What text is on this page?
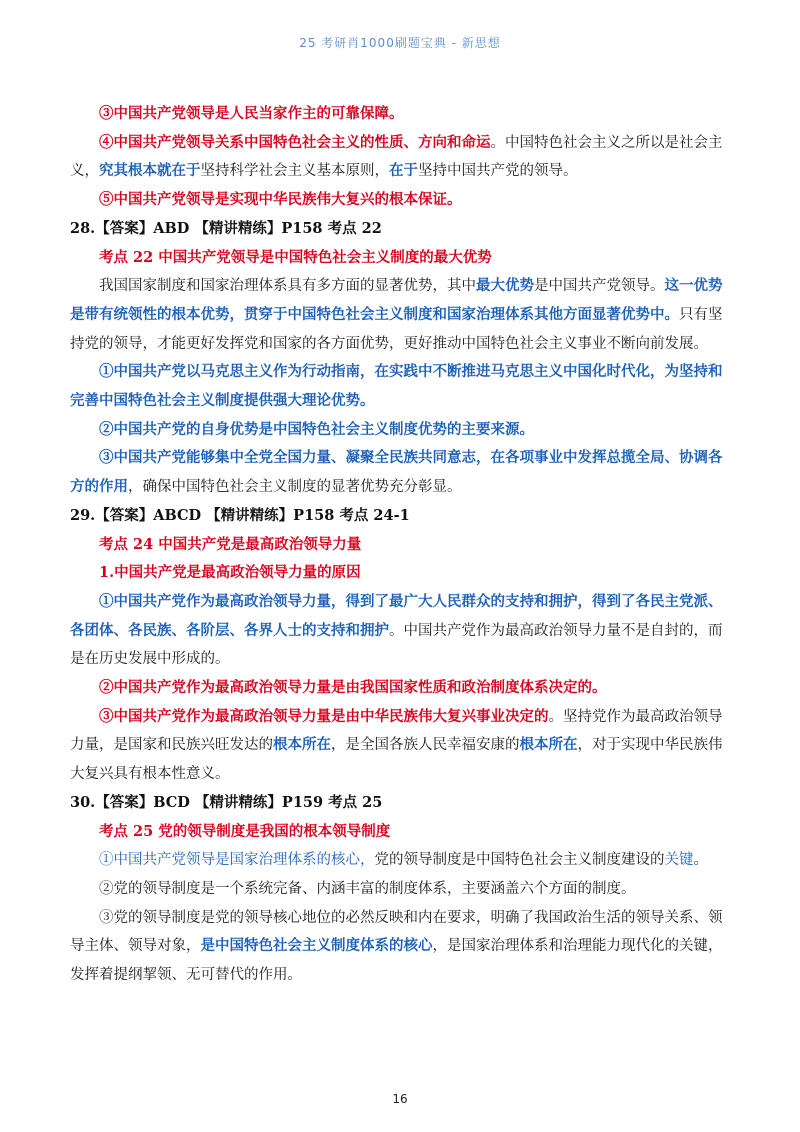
25 考研肖1000刷题宝典 - 新思想

③中国共产党领导是人民当家作主的可靠保障。

④中国共产党领导关系中国特色社会主义的性质、方向和命运。中国特色社会主义之所以是社会主义，究其根本就在于坚持科学社会主义基本原则，在于坚持中国共产党的领导。

⑤中国共产党领导是实现中华民族伟大复兴的根本保证。

28.【答案】ABD 【精讲精练】P158 考点 22

考点 22 中国共产党领导是中国特色社会主义制度的最大优势

我国国家制度和国家治理体系具有多方面的显著优势，其中最大优势是中国共产党领导。这一优势是带有统领性的根本优势，贯穿于中国特色社会主义制度和国家治理体系其他方面显著优势中。只有坚持党的领导，才能更好发挥党和国家的各方面优势，更好推动中国特色社会主义事业不断向前发展。

①中国共产党以马克思主义作为行动指南，在实践中不断推进马克思主义中国化时代化，为坚持和完善中国特色社会主义制度提供强大理论优势。

②中国共产党的自身优势是中国特色社会主义制度优势的主要来源。

③中国共产党能够集中全党全国力量、凝聚全民族共同意志，在各项事业中发挥总揽全局、协调各方的作用，确保中国特色社会主义制度的显著优势充分彰显。

29.【答案】ABCD 【精讲精练】P158 考点 24-1

考点 24 中国共产党是最高政治领导力量

1.中国共产党是最高政治领导力量的原因

①中国共产党作为最高政治领导力量，得到了最广大人民群众的支持和拥护，得到了各民主党派、各团体、各民族、各阶层、各界人士的支持和拥护。中国共产党作为最高政治领导力量不是自封的，而是在历史发展中形成的。

②中国共产党作为最高政治领导力量是由我国国家性质和政治制度体系决定的。

③中国共产党作为最高政治领导力量是由中华民族伟大复兴事业决定的。坚持党作为最高政治领导力量，是国家和民族兴旺发达的根本所在，是全国各族人民幸福安康的根本所在，对于实现中华民族伟大复兴具有根本性意义。

30.【答案】BCD 【精讲精练】P159 考点 25

考点 25 党的领导制度是我国的根本领导制度

①中国共产党领导是国家治理体系的核心，党的领导制度是中国特色社会主义制度建设的关键。

②党的领导制度是一个系统完备、内涵丰富的制度体系，主要涵盖六个方面的制度。

③党的领导制度是党的领导核心地位的必然反映和内在要求，明确了我国政治生活的领导关系、领导主体、领导对象，是中国特色社会主义制度体系的核心，是国家治理体系和治理能力现代化的关键，发挥着提纲挈领、无可替代的作用。

16
